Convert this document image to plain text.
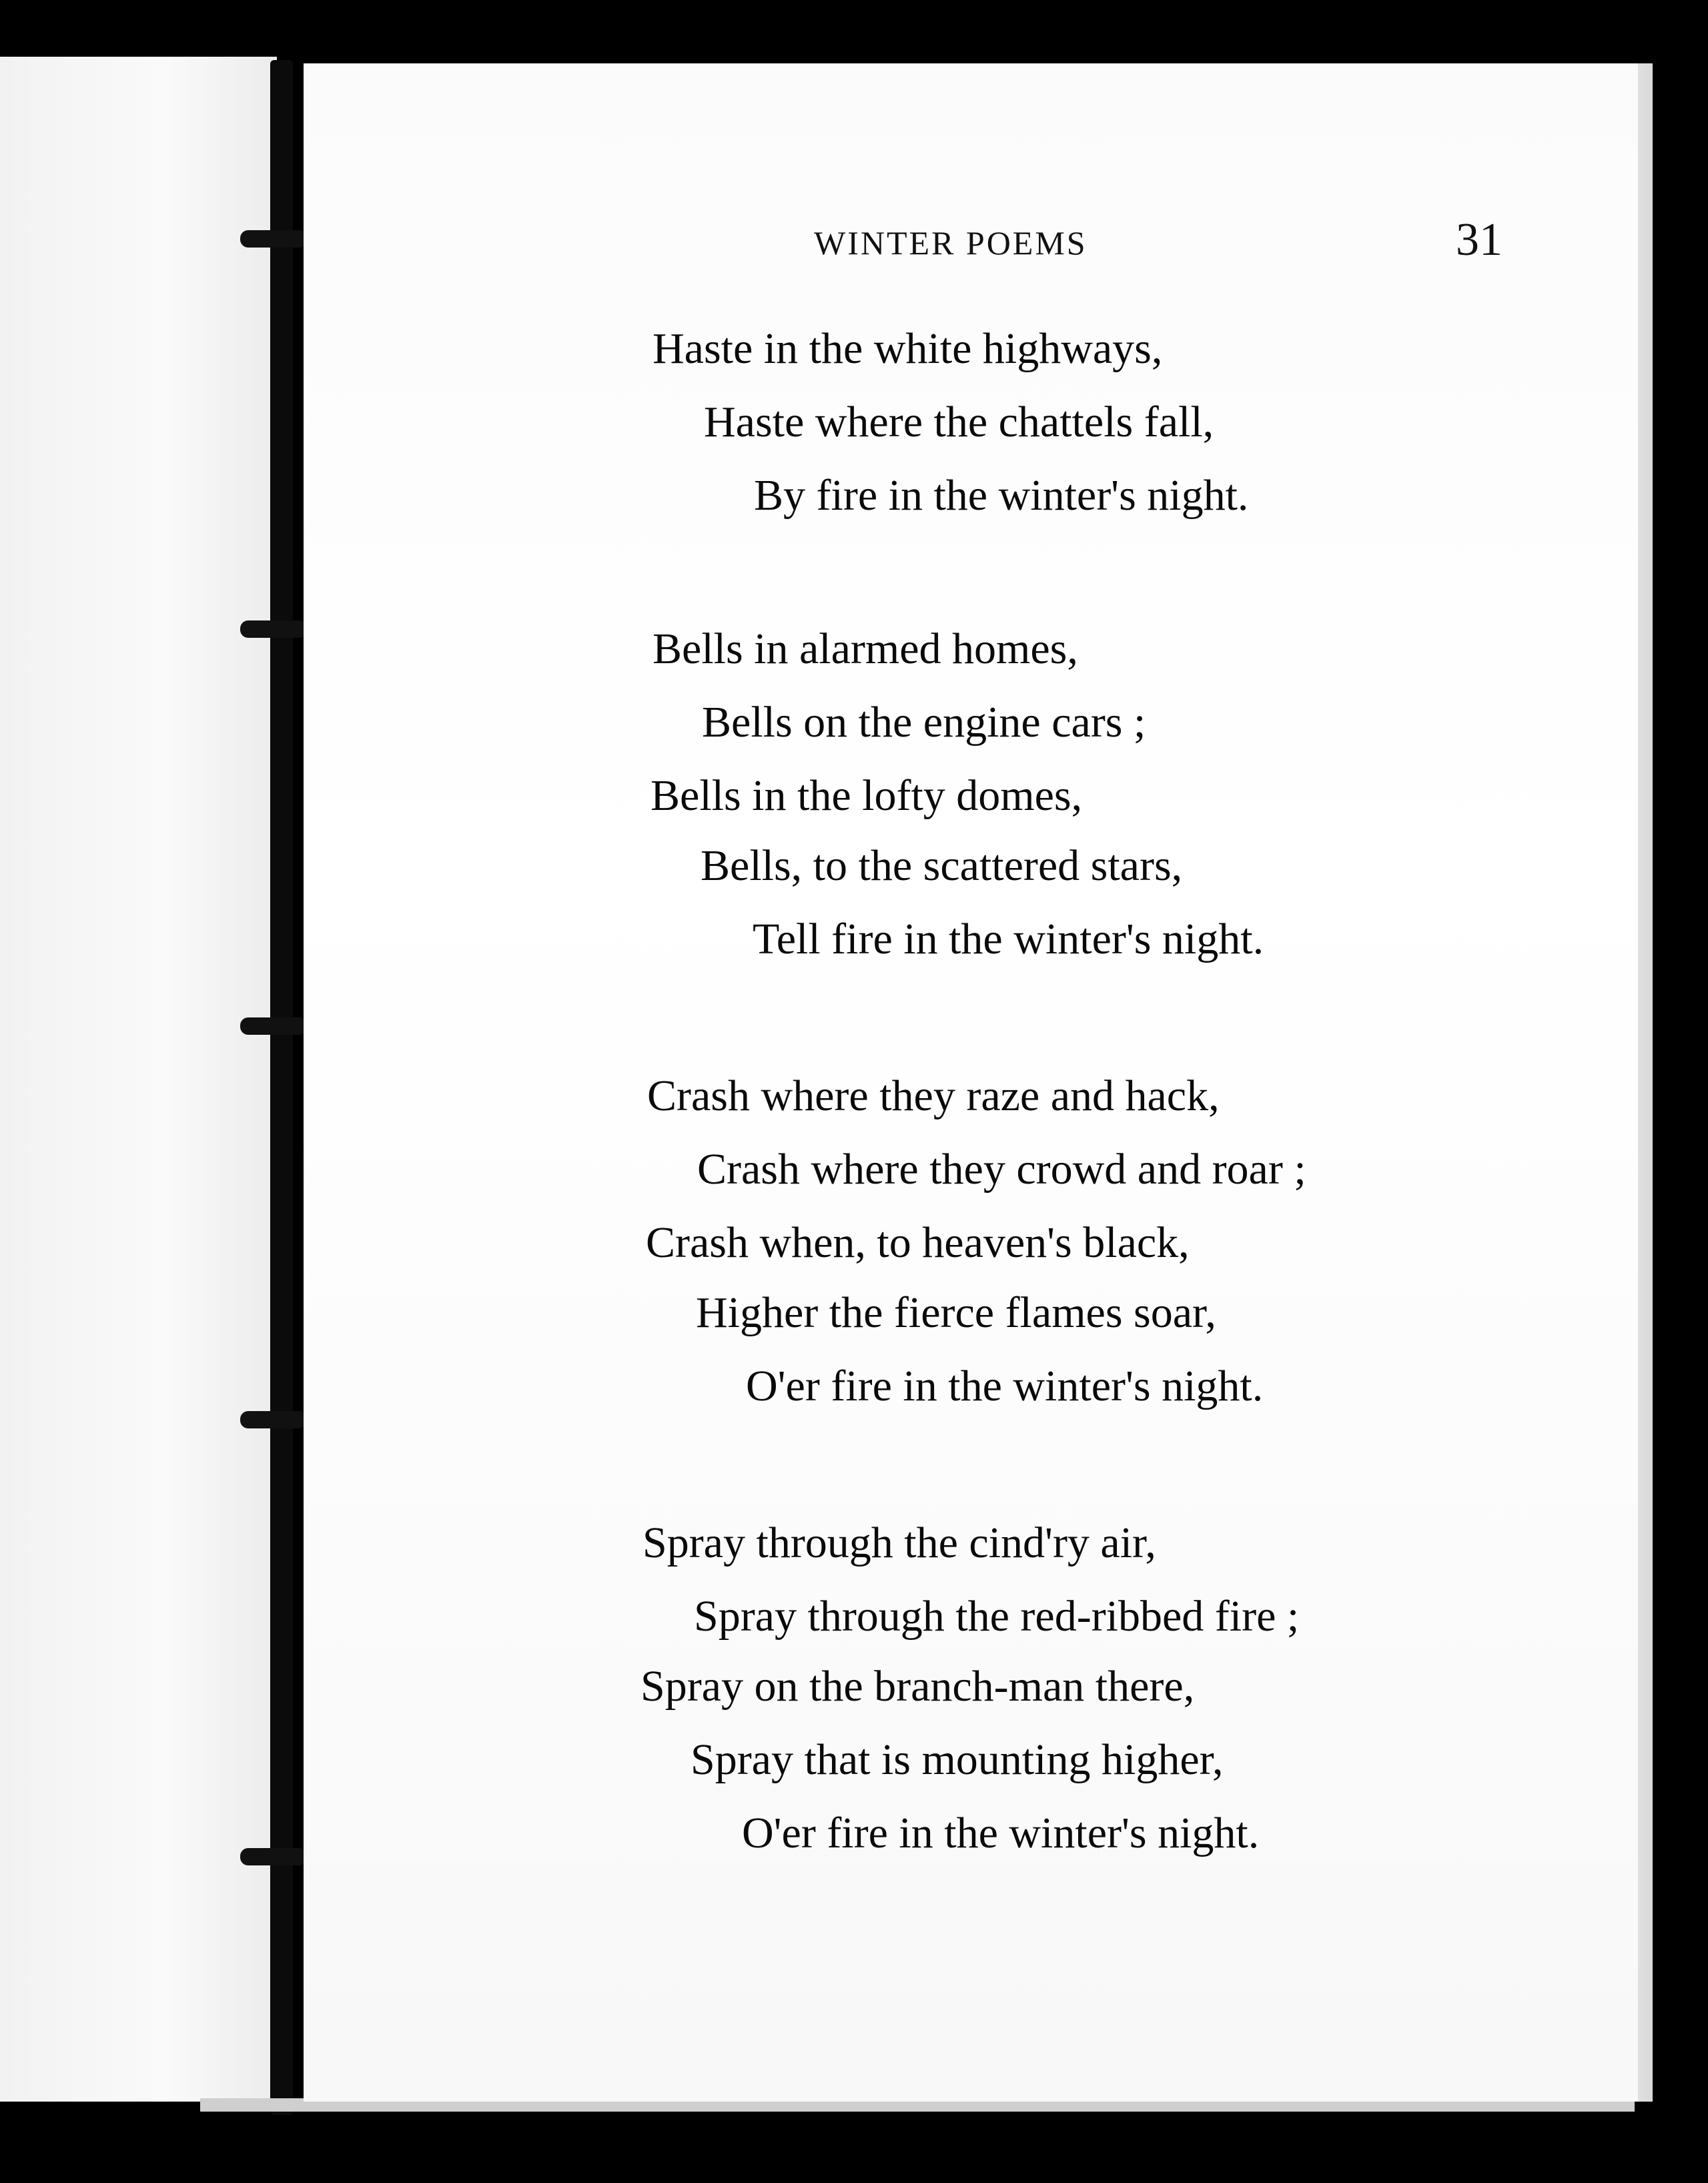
WINTER POEMS	31
Haste in the white highways,
Haste where the chattels fall,
By fire in the winter's night.
Bells in alarmed homes,
Bells on the engine cars ;
Bells in the lofty domes,
Bells, to the scattered stars,
Tell fire in the winter's night.
Crash where they raze and hack,
Crash where they crowd and roar ;
Crash when, to heaven's black,
Higher the fierce flames soar,
O'er fire in the winter's night.
Spray through the cind'ry air,
Spray through the red-ribbed fire ;
Spray on the branch-man there,
Spray that is mounting higher,
O'er fire in the winter's night.
